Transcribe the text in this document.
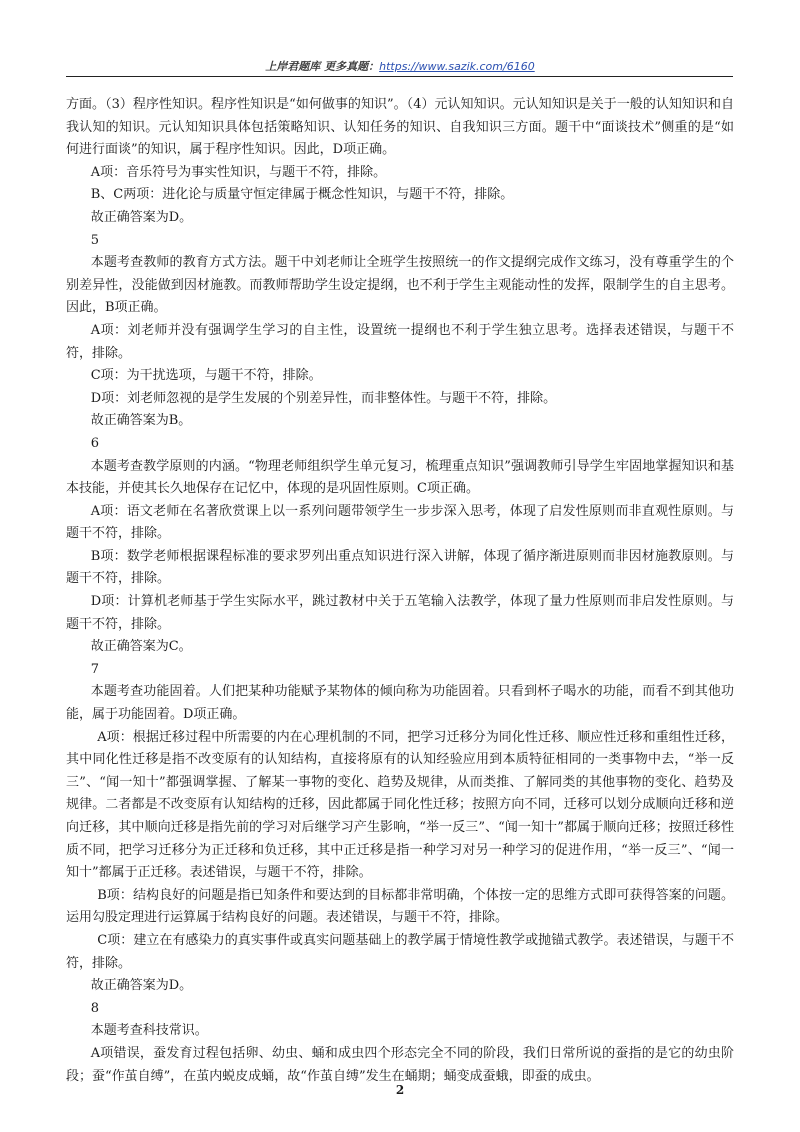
上岸君题库 更多真题：https://www.sazik.com/6160

方面。（3）程序性知识。程序性知识是“如何做事的知识”。（4）元认知知识。元认知知识是关于一般的认知知识和自我认知的知识。元认知知识具体包括策略知识、认知任务的知识、自我知识三方面。题干中“面谈技术”侧重的是“如何进行面谈”的知识，属于程序性知识。因此，D项正确。

A项：音乐符号为事实性知识，与题干不符，排除。

B、C两项：进化论与质量守恒定律属于概念性知识，与题干不符，排除。

故正确答案为D。

5

本题考查教师的教育方式方法。题干中刘老师让全班学生按照统一的作文提纲完成作文练习，没有尊重学生的个别差异性，没能做到因材施教。而教师帮助学生设定提纲，也不利于学生主观能动性的发挥，限制学生的自主思考。因此，B项正确。

A项：刘老师并没有强调学生学习的自主性，设置统一提纲也不利于学生独立思考。选择表述错误，与题干不符，排除。

C项：为干扰选项，与题干不符，排除。

D项：刘老师忽视的是学生发展的个别差异性，而非整体性。与题干不符，排除。

故正确答案为B。

6

本题考查教学原则的内涵。“物理老师组织学生单元复习，梳理重点知识”强调教师引导学生牢固地掌握知识和基本技能，并使其长久地保存在记忆中，体现的是巩固性原则。C项正确。

A项：语文老师在名著欣赏课上以一系列问题带领学生一步步深入思考，体现了启发性原则而非直观性原则。与题干不符，排除。

B项：数学老师根据课程标准的要求罗列出重点知识进行深入讲解，体现了循序渐进原则而非因材施教原则。与题干不符，排除。

D项：计算机老师基于学生实际水平，跳过教材中关于五笔输入法教学，体现了量力性原则而非启发性原则。与题干不符，排除。

故正确答案为C。

7

本题考查功能固着。人们把某种功能赋予某物体的倾向称为功能固着。只看到杯子喝水的功能，而看不到其他功能，属于功能固着。D项正确。

A项：根据迁移过程中所需要的内在心理机制的不同，把学习迁移分为同化性迁移、顺应性迁移和重组性迁移，其中同化性迁移是指不改变原有的认知结构，直接将原有的认知经验应用到本质特征相同的一类事物中去，“举一反三”、“闻一知十”都强调掌握、了解某一事物的变化、趋势及规律，从而类推、了解同类的其他事物的变化、趋势及规律。二者都是不改变原有认知结构的迁移，因此都属于同化性迁移；按照方向不同，迁移可以划分成顺向迁移和逆向迁移，其中顺向迁移是指先前的学习对后继学习产生影响，“举一反三”、“闻一知十”都属于顺向迁移；按照迁移性质不同，把学习迁移分为正迁移和负迁移，其中正迁移是指一种学习对另一种学习的促进作用，“举一反三”、“闻一知十”都属于正迁移。表述错误，与题干不符，排除。

B项：结构良好的问题是指已知条件和要达到的目标都非常明确，个体按一定的思维方式即可获得答案的问题。运用勾股定理进行运算属于结构良好的问题。表述错误，与题干不符，排除。

C项：建立在有感染力的真实事件或真实问题基础上的教学属于情境性教学或抛锚式教学。表述错误，与题干不符，排除。

故正确答案为D。

8

本题考查科技常识。

A项错误，蚕发育过程包括卵、幼虫、蛹和成虫四个形态完全不同的阶段，我们日常所说的蚕指的是它的幼虫阶段；蚕“作茧自缚”，在茧内蜕皮成蛹，故“作茧自缚”发生在蛹期；蛹变成蚕蛾，即蚕的成虫。

2
